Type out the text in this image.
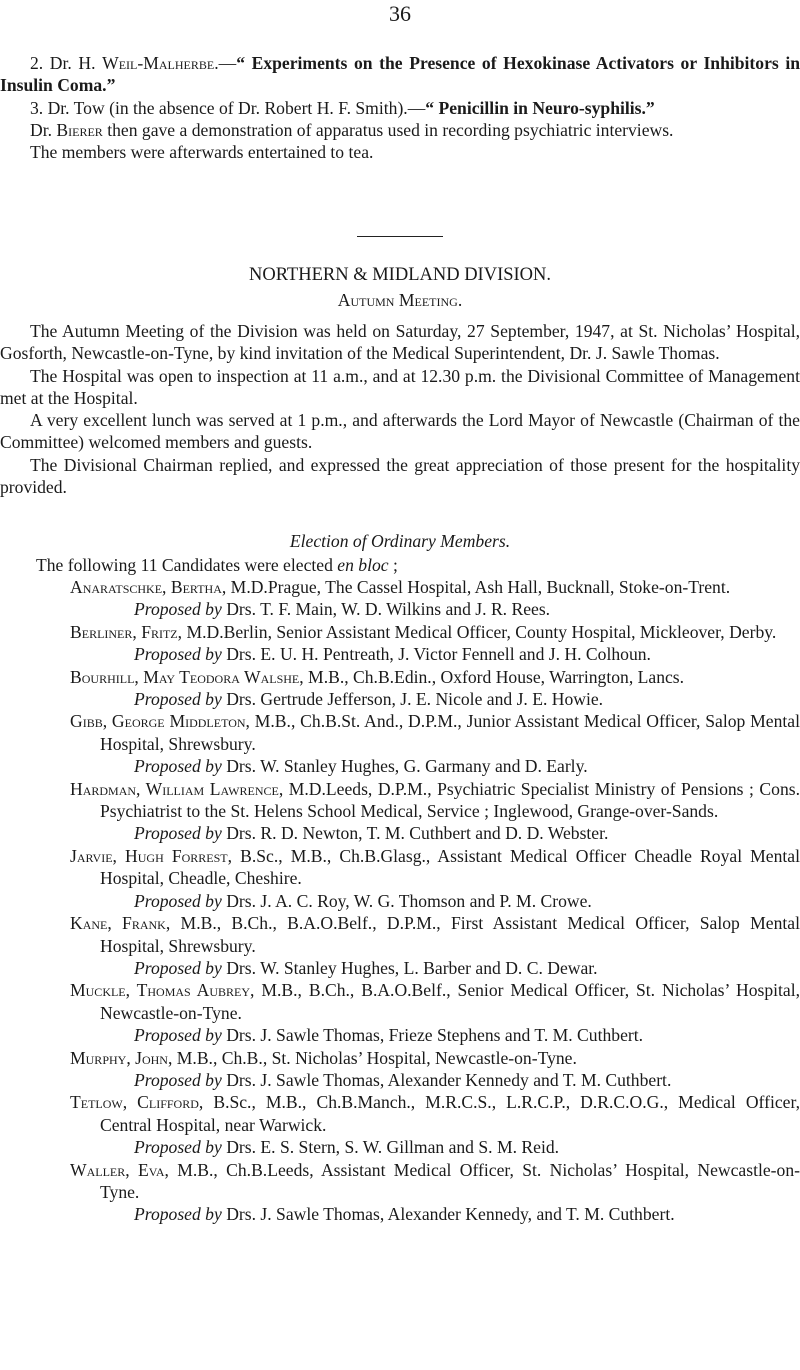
36

2. Dr. H. Weil-Malherbe.—“ Experiments on the Presence of Hexokinase Activators or Inhibitors in Insulin Coma.”

3. Dr. Tow (in the absence of Dr. Robert H. F. Smith).—“ Penicillin in Neuro-syphilis.”

Dr. Bierer then gave a demonstration of apparatus used in recording psychiatric interviews.

The members were afterwards entertained to tea.

NORTHERN & MIDLAND DIVISION.
Autumn Meeting.

The Autumn Meeting of the Division was held on Saturday, 27 September, 1947, at St. Nicholas’ Hospital, Gosforth, Newcastle-on-Tyne, by kind invitation of the Medical Superintendent, Dr. J. Sawle Thomas.

The Hospital was open to inspection at 11 a.m., and at 12.30 p.m. the Divisional Committee of Management met at the Hospital.

A very excellent lunch was served at 1 p.m., and afterwards the Lord Mayor of Newcastle (Chairman of the Committee) welcomed members and guests.

The Divisional Chairman replied, and expressed the great appreciation of those present for the hospitality provided.

Election of Ordinary Members.
The following 11 Candidates were elected en bloc ;

Anaratschke, Bertha, M.D.Prague, The Cassel Hospital, Ash Hall, Bucknall, Stoke-on-Trent.

Proposed by Drs. T. F. Main, W. D. Wilkins and J. R. Rees.

Berliner, Fritz, M.D.Berlin, Senior Assistant Medical Officer, County Hospital, Mickleover, Derby.

Proposed by Drs. E. U. H. Pentreath, J. Victor Fennell and J. H. Colhoun.

Bourhill, May Teodora Walshe, M.B., Ch.B.Edin., Oxford House, Warrington, Lancs.

Proposed by Drs. Gertrude Jefferson, J. E. Nicole and J. E. Howie.

Gibb, George Middleton, M.B., Ch.B.St. And., D.P.M., Junior Assistant Medical Officer, Salop Mental Hospital, Shrewsbury.

Proposed by Drs. W. Stanley Hughes, G. Garmany and D. Early.

Hardman, William Lawrence, M.D.Leeds, D.P.M., Psychiatric Specialist Ministry of Pensions ; Cons. Psychiatrist to the St. Helens School Medical, Service ; Inglewood, Grange-over-Sands.

Proposed by Drs. R. D. Newton, T. M. Cuthbert and D. D. Webster.

Jarvie, Hugh Forrest, B.Sc., M.B., Ch.B.Glasg., Assistant Medical Officer Cheadle Royal Mental Hospital, Cheadle, Cheshire.

Proposed by Drs. J. A. C. Roy, W. G. Thomson and P. M. Crowe.

Kane, Frank, M.B., B.Ch., B.A.O.Belf., D.P.M., First Assistant Medical Officer, Salop Mental Hospital, Shrewsbury.

Proposed by Drs. W. Stanley Hughes, L. Barber and D. C. Dewar.

Muckle, Thomas Aubrey, M.B., B.Ch., B.A.O.Belf., Senior Medical Officer, St. Nicholas’ Hospital, Newcastle-on-Tyne.

Proposed by Drs. J. Sawle Thomas, Frieze Stephens and T. M. Cuthbert.

Murphy, John, M.B., Ch.B., St. Nicholas’ Hospital, Newcastle-on-Tyne.

Proposed by Drs. J. Sawle Thomas, Alexander Kennedy and T. M. Cuthbert.

Tetlow, Clifford, B.Sc., M.B., Ch.B.Manch., M.R.C.S., L.R.C.P., D.R.C.O.G., Medical Officer, Central Hospital, near Warwick.

Proposed by Drs. E. S. Stern, S. W. Gillman and S. M. Reid.

Waller, Eva, M.B., Ch.B.Leeds, Assistant Medical Officer, St. Nicholas’ Hospital, Newcastle-on-Tyne.

Proposed by Drs. J. Sawle Thomas, Alexander Kennedy, and T. M. Cuthbert.
